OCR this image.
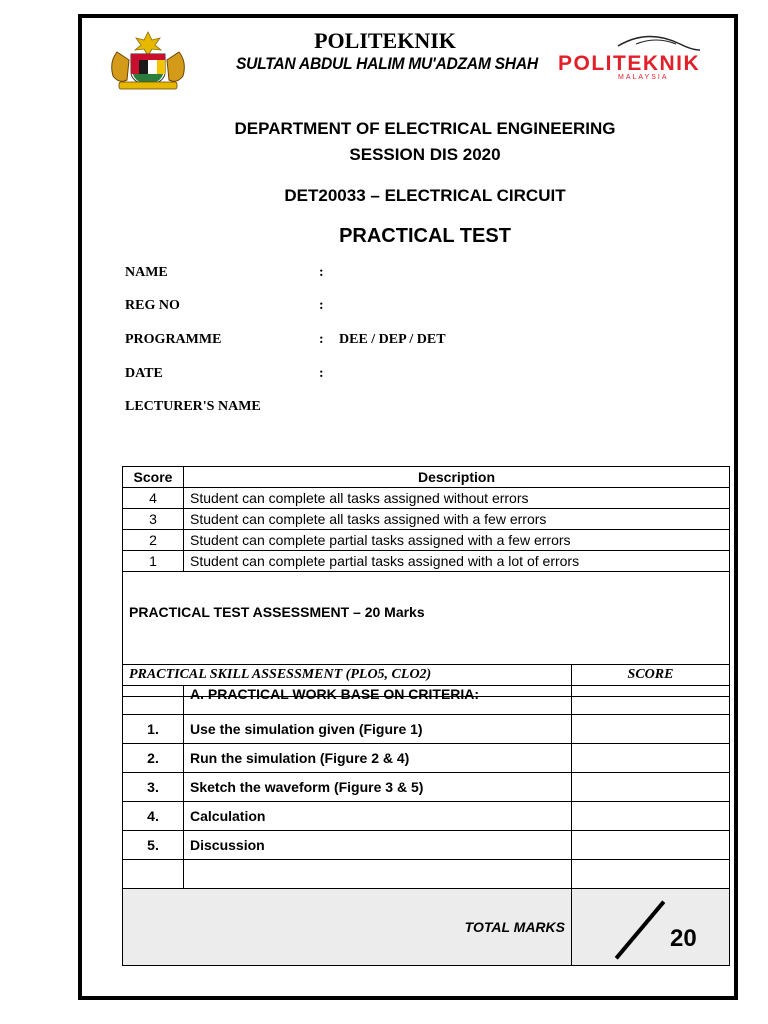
POLITEKNIK
SULTAN ABDUL HALIM MU'ADZAM SHAH POLITEKNIK
MALAYSIA
DEPARTMENT OF ELECTRICAL ENGINEERING
SESSION DIS 2020
DET20033 – ELECTRICAL CIRCUIT
PRACTICAL TEST
NAME	:
REG NO	:
PROGRAMME	: DEE / DEP / DET
DATE	:
LECTURER'S NAME
Score	Description
4	Student can complete all tasks assigned without errors
3	Student can complete all tasks assigned with a few errors
2	Student can complete partial tasks assigned with a few errors
1	Student can complete partial tasks assigned with a lot of errors
PRACTICAL TEST ASSESSMENT – 20 Marks	
PRACTICAL SKILL ASSESSMENT (PLO5, CLO2)		SCORE
	A. PRACTICAL WORK BASE ON CRITERIA:	
1.	Use the simulation given (Figure 1)	
2.	Run the simulation (Figure 2 & 4)	
3.	Sketch the waveform (Figure 3 & 5)	
4.	Calculation	
5.	Discussion	

TOTAL MARKS		20
